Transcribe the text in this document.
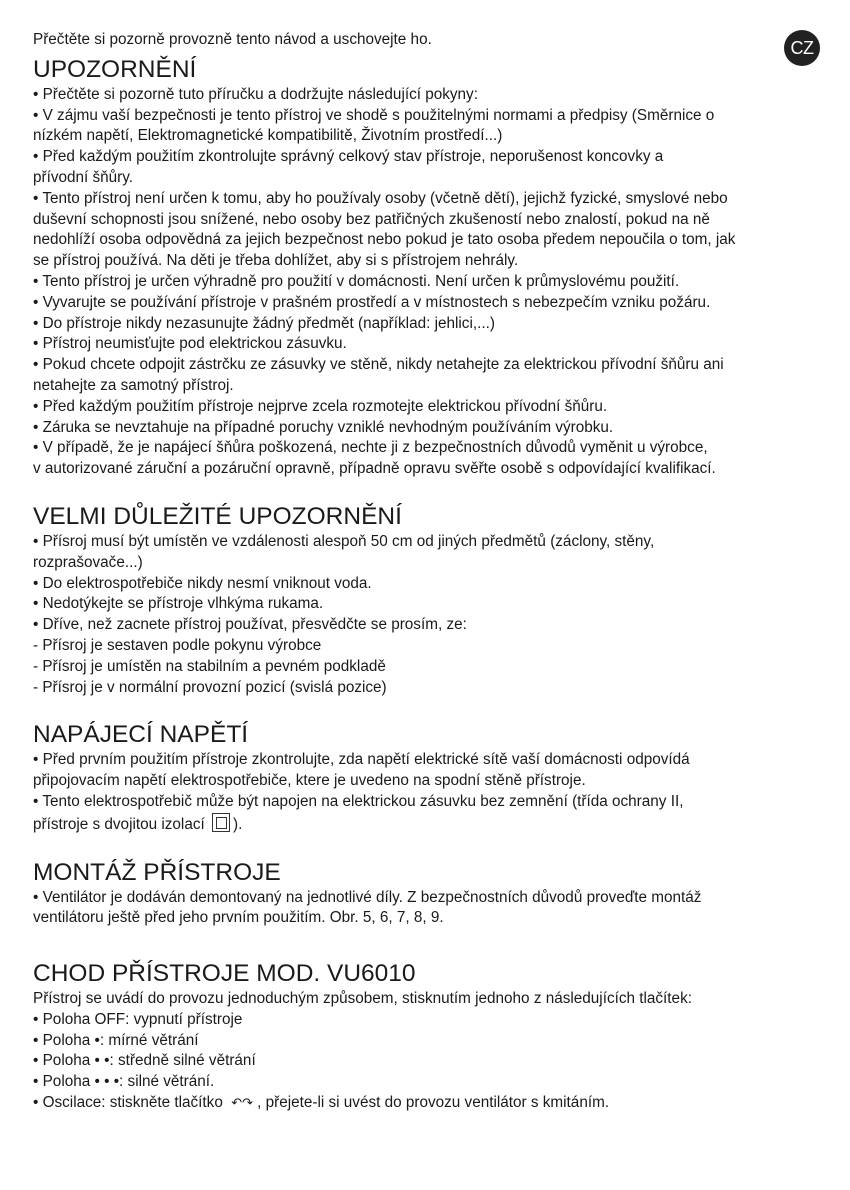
CZ
Přečtěte si pozorně provozně tento návod a uschovejte ho.
UPOZORNĚNÍ
• Přečtěte si pozorně tuto příručku a dodržujte následující pokyny:
• V zájmu vaší bezpečnosti je tento přístroj ve shodě s použitelnými normami a předpisy (Směrnice o
nízkém napětí, Elektromagnetické kompatibilitě, Životním prostředí...)
• Před každým použitím zkontrolujte správný celkový stav přístroje, neporušenost koncovky a
přívodní šňůry.
• Tento přístroj není určen k tomu, aby ho používaly osoby (včetně dětí), jejichž fyzické, smyslové nebo
duševní schopnosti jsou snížené, nebo osoby bez patřičných zkušeností nebo znalostí, pokud na ně
nedohlíží osoba odpovědná za jejich bezpečnost nebo pokud je tato osoba předem nepoučila o tom, jak
se přístroj používá. Na děti je třeba dohlížet, aby si s přístrojem nehrály.
• Tento přístroj je určen výhradně pro použití v domácnosti. Není určen k průmyslovému použití.
• Vyvarujte se používání přístroje v prašném prostředí a v místnostech s nebezpečím vzniku požáru.
• Do přístroje nikdy nezasunujte žádný předmět (například: jehlici,...)
• Přístroj neumisťujte pod elektrickou zásuvku.
• Pokud chcete odpojit zástrčku ze zásuvky ve stěně, nikdy netahejte za elektrickou přívodní šňůru ani
netahejte za samotný přístroj.
• Před každým použitím přístroje nejprve zcela rozmotejte elektrickou přívodní šňůru.
• Záruka se nevztahuje na případné poruchy vzniklé nevhodným používáním výrobku.
• V případě, že je napájecí šňůra poškozená, nechte ji z bezpečnostních důvodů vyměnit u výrobce,
v autorizované záruční a pozáruční opravně, případně opravu svěřte osobě s odpovídající kvalifikací.
VELMI DŮLEŽITÉ UPOZORNĚNÍ
• Přísroj musí být umístěn ve vzdálenosti alespoň 50 cm od jiných předmětů (záclony, stěny,
rozprašovače...)
• Do elektrospotřebiče nikdy nesmí vniknout voda.
• Nedotýkejte se přístroje vlhkýma rukama.
• Dříve, než zacnete přístroj používat, přesvědčte se prosím, ze:
- Přísroj je sestaven podle pokynu výrobce
- Přísroj je umístěn na stabilním a pevném podkladě
- Přísroj je v normální provozní pozicí (svislá pozice)
NAPÁJECÍ NAPĚTÍ
• Před prvním použitím přístroje zkontrolujte, zda napětí elektrické sítě vaší domácnosti odpovídá
připojovacím napětí elektrospotřebiče, ktere je uvedeno na spodní stěně přístroje.
• Tento elektrospotřebič může být napojen na elektrickou zásuvku bez zemnění (třída ochrany II,
přístroje s dvojitou izolací ).
MONTÁŽ PŘÍSTROJE
• Ventilátor je dodáván demontovaný na jednotlivé díly. Z bezpečnostních důvodů proveďte montáž
ventilátoru ještě před jeho prvním použitím. Obr. 5, 6, 7, 8, 9.
CHOD PŘÍSTROJE MOD. VU6010
Přístroj se uvádí do provozu jednoduchým způsobem, stisknutím jednoho z následujících tlačítek:
• Poloha OFF: vypnutí přístroje
• Poloha •: mírné větrání
• Poloha • •: středně silné větrání
• Poloha • • •: silné větrání.
• Oscilace: stiskněte tlačítko ↶↷ , přejete-li si uvést do provozu ventilátor s kmitáním.
